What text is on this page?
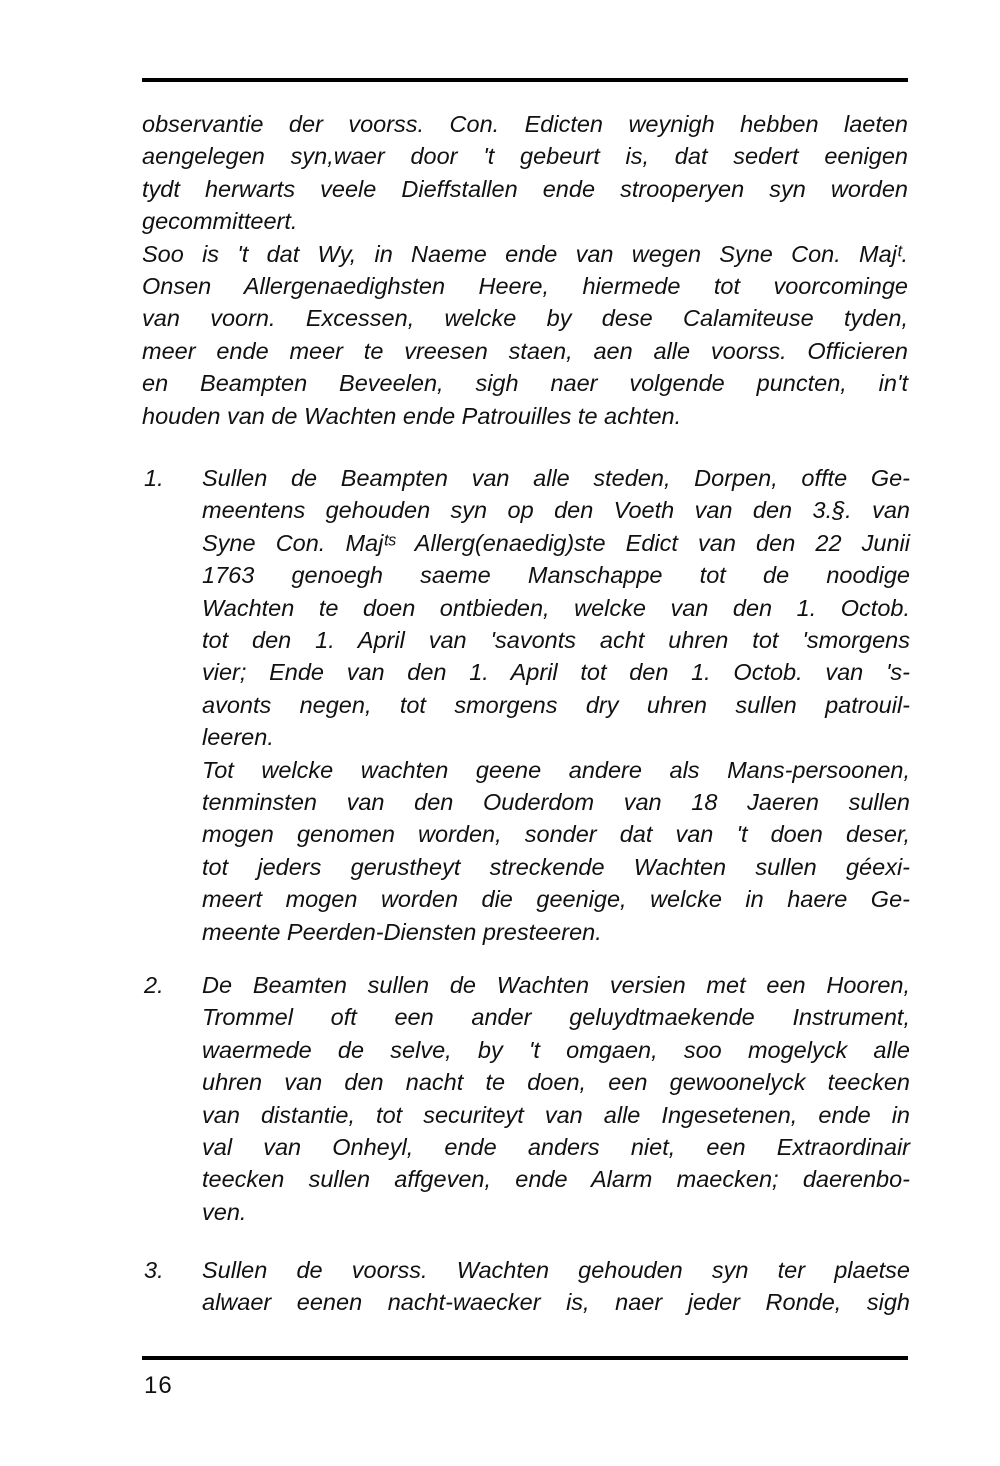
observantie der voorss. Con. Edicten weynigh hebben laeten
aengelegen syn,waer door 't gebeurt is, dat sedert eenigen
tydt herwarts veele Dieffstallen ende strooperyen syn worden
gecommitteert.
Soo is 't dat Wy, in Naeme ende van wegen Syne Con. Majᵗ.
Onsen Allergenaedighsten Heere, hiermede tot voorcominge
van voorn. Excessen, welcke by dese Calamiteuse tyden,
meer ende meer te vreesen staen, aen alle voorss. Officieren
en Beampten Beveelen, sigh naer volgende puncten, in't
houden van de Wachten ende Patrouilles te achten.
1. Sullen de Beampten van alle steden, Dorpen, offte Ge-
meentens gehouden syn op den Voeth van den 3.§. van
Syne Con. Majᵗˢ Allerg(enaedig)ste Edict van den 22 Junii
1763 genoegh saeme Manschappe tot de noodige
Wachten te doen ontbieden, welcke van den 1. Octob.
tot den 1. April van 'savonts acht uhren tot 'smorgens
vier; Ende van den 1. April tot den 1. Octob. van 's-
avonts negen, tot smorgens dry uhren sullen patrouil-
leeren.
Tot welcke wachten geene andere als Mans-persoonen,
tenminsten van den Ouderdom van 18 Jaeren sullen
mogen genomen worden, sonder dat van 't doen deser,
tot jeders gerustheyt streckende Wachten sullen géexi-
meert mogen worden die geenige, welcke in haere Ge-
meente Peerden-Diensten presteeren.
2. De Beamten sullen de Wachten versien met een Hooren,
Trommel oft een ander geluydtmaekende Instrument,
waermede de selve, by 't omgaen, soo mogelyck alle
uhren van den nacht te doen, een gewoonelyck teecken
van distantie, tot securiteyt van alle Ingesetenen, ende in
val van Onheyl, ende anders niet, een Extraordinair
teecken sullen affgeven, ende Alarm maecken; daerenbo-
ven.
3. Sullen de voorss. Wachten gehouden syn ter plaetse
alwaer eenen nacht-waecker is, naer jeder Ronde, sigh
16
